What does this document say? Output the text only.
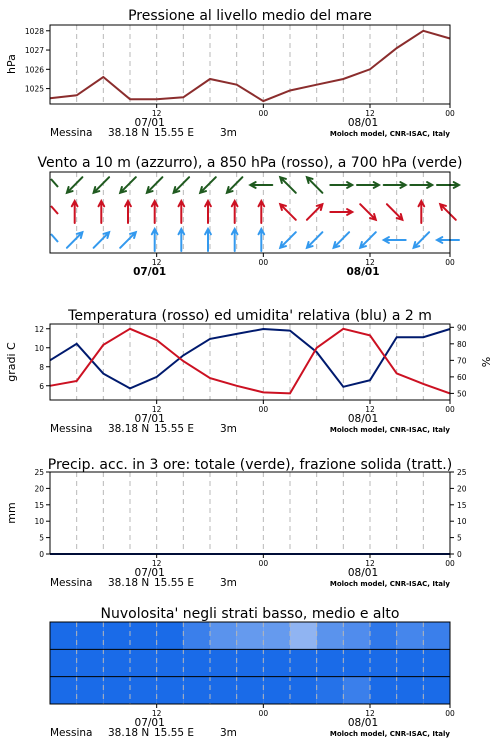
Pressione al livello medio del mare
hPa
1025
1026
1027
1028
12	00	12	00
07/01	08/01
Messina 38.18 N 15.55 E 3m	Moloch model, CNR-ISAC, Italy
Vento a 10 m (azzurro), a 850 hPa (rosso), a 700 hPa (verde)
12	00	12	00
07/01	08/01
Temperatura (rosso) ed umidita' relativa (blu) a 2 m
gradi C	%
6
8
10
12
50
60
70
80
90
12	00	12	00
07/01	08/01
Messina 38.18 N 15.55 E 3m	Moloch model, CNR-ISAC, Italy
Precip. acc. in 3 ore: totale (verde), frazione solida (tratt.)
mm
0
5
10
15
20
25
0
5
10
15
20
25
12	00	12	00
07/01	08/01
Messina 38.18 N 15.55 E 3m	Moloch model, CNR-ISAC, Italy
Nuvolosita' negli strati basso, medio e alto
12	00	12	00
07/01	08/01
Messina 38.18 N 15.55 E 3m	Moloch model, CNR-ISAC, Italy
